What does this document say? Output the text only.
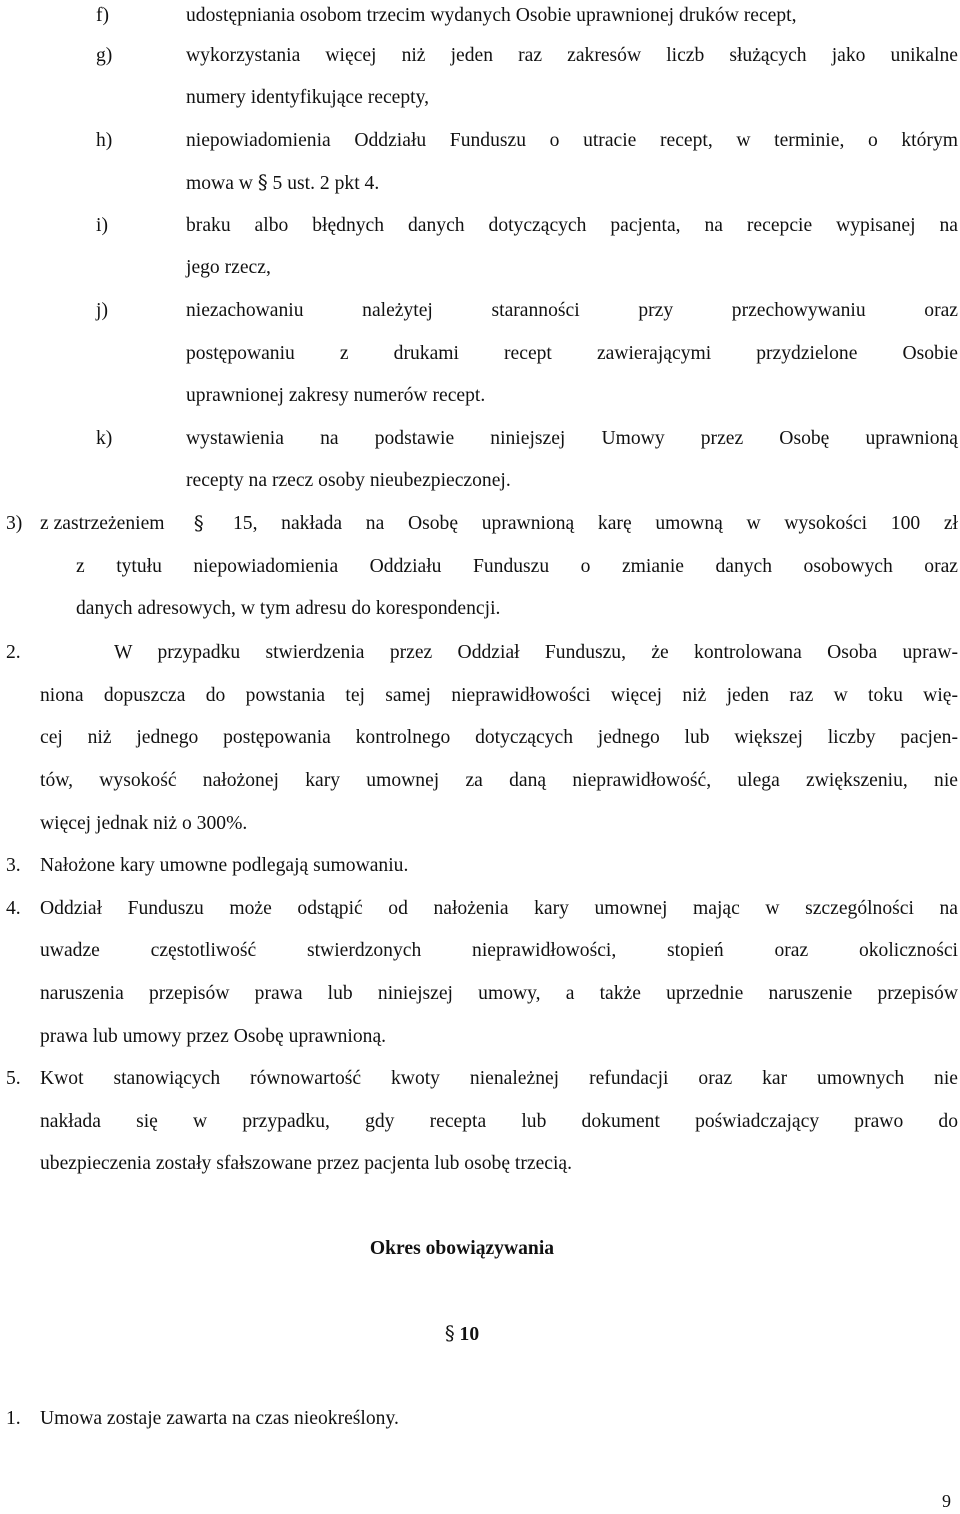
f)	udostępniania osobom trzecim wydanych Osobie uprawnionej druków recept,
g)	wykorzystania więcej niż jeden raz zakresów liczb służących jako unikalne
numery identyfikujące recepty,
h)	niepowiadomienia Oddziału Funduszu o utracie recept, w terminie, o którym
mowa w § 5 ust. 2 pkt 4.
i)	braku albo błędnych danych dotyczących pacjenta, na recepcie wypisanej na
jego rzecz,
j)	niezachowaniu należytej staranności przy przechowywaniu oraz
postępowaniu z drukami recept zawierającymi przydzielone Osobie
uprawnionej zakresy numerów recept.
k)	wystawienia na podstawie niniejszej Umowy przez Osobę uprawnioną
recepty na rzecz osoby nieubezpieczonej.
3) z zastrzeżeniem § 15, nakłada na Osobę uprawnioną karę umowną w wysokości 100 zł
z tytułu niepowiadomienia Oddziału Funduszu o zmianie danych osobowych oraz
danych adresowych, w tym adresu do korespondencji.
2.	W przypadku stwierdzenia przez Oddział Funduszu, że kontrolowana Osoba upraw-
niona dopuszcza do powstania tej samej nieprawidłowości więcej niż jeden raz w toku wię-
cej niż jednego postępowania kontrolnego dotyczących jednego lub większej liczby pacjen-
tów, wysokość nałożonej kary umownej za daną nieprawidłowość, ulega zwiększeniu, nie
więcej jednak niż o 300%.
3. Nałożone kary umowne podlegają sumowaniu.
4. Oddział Funduszu może odstąpić od nałożenia kary umownej mając w szczególności na
uwadze częstotliwość stwierdzonych nieprawidłowości, stopień oraz okoliczności
naruszenia przepisów prawa lub niniejszej umowy, a także uprzednie naruszenie przepisów
prawa lub umowy przez Osobę uprawnioną.
5. Kwot stanowiących równowartość kwoty nienależnej refundacji oraz kar umownych nie
nakłada się w przypadku, gdy recepta lub dokument poświadczający prawo do
ubezpieczenia zostały sfałszowane przez pacjenta lub osobę trzecią.
Okres obowiązywania
§ 10
1. Umowa zostaje zawarta na czas nieokreślony.
9
